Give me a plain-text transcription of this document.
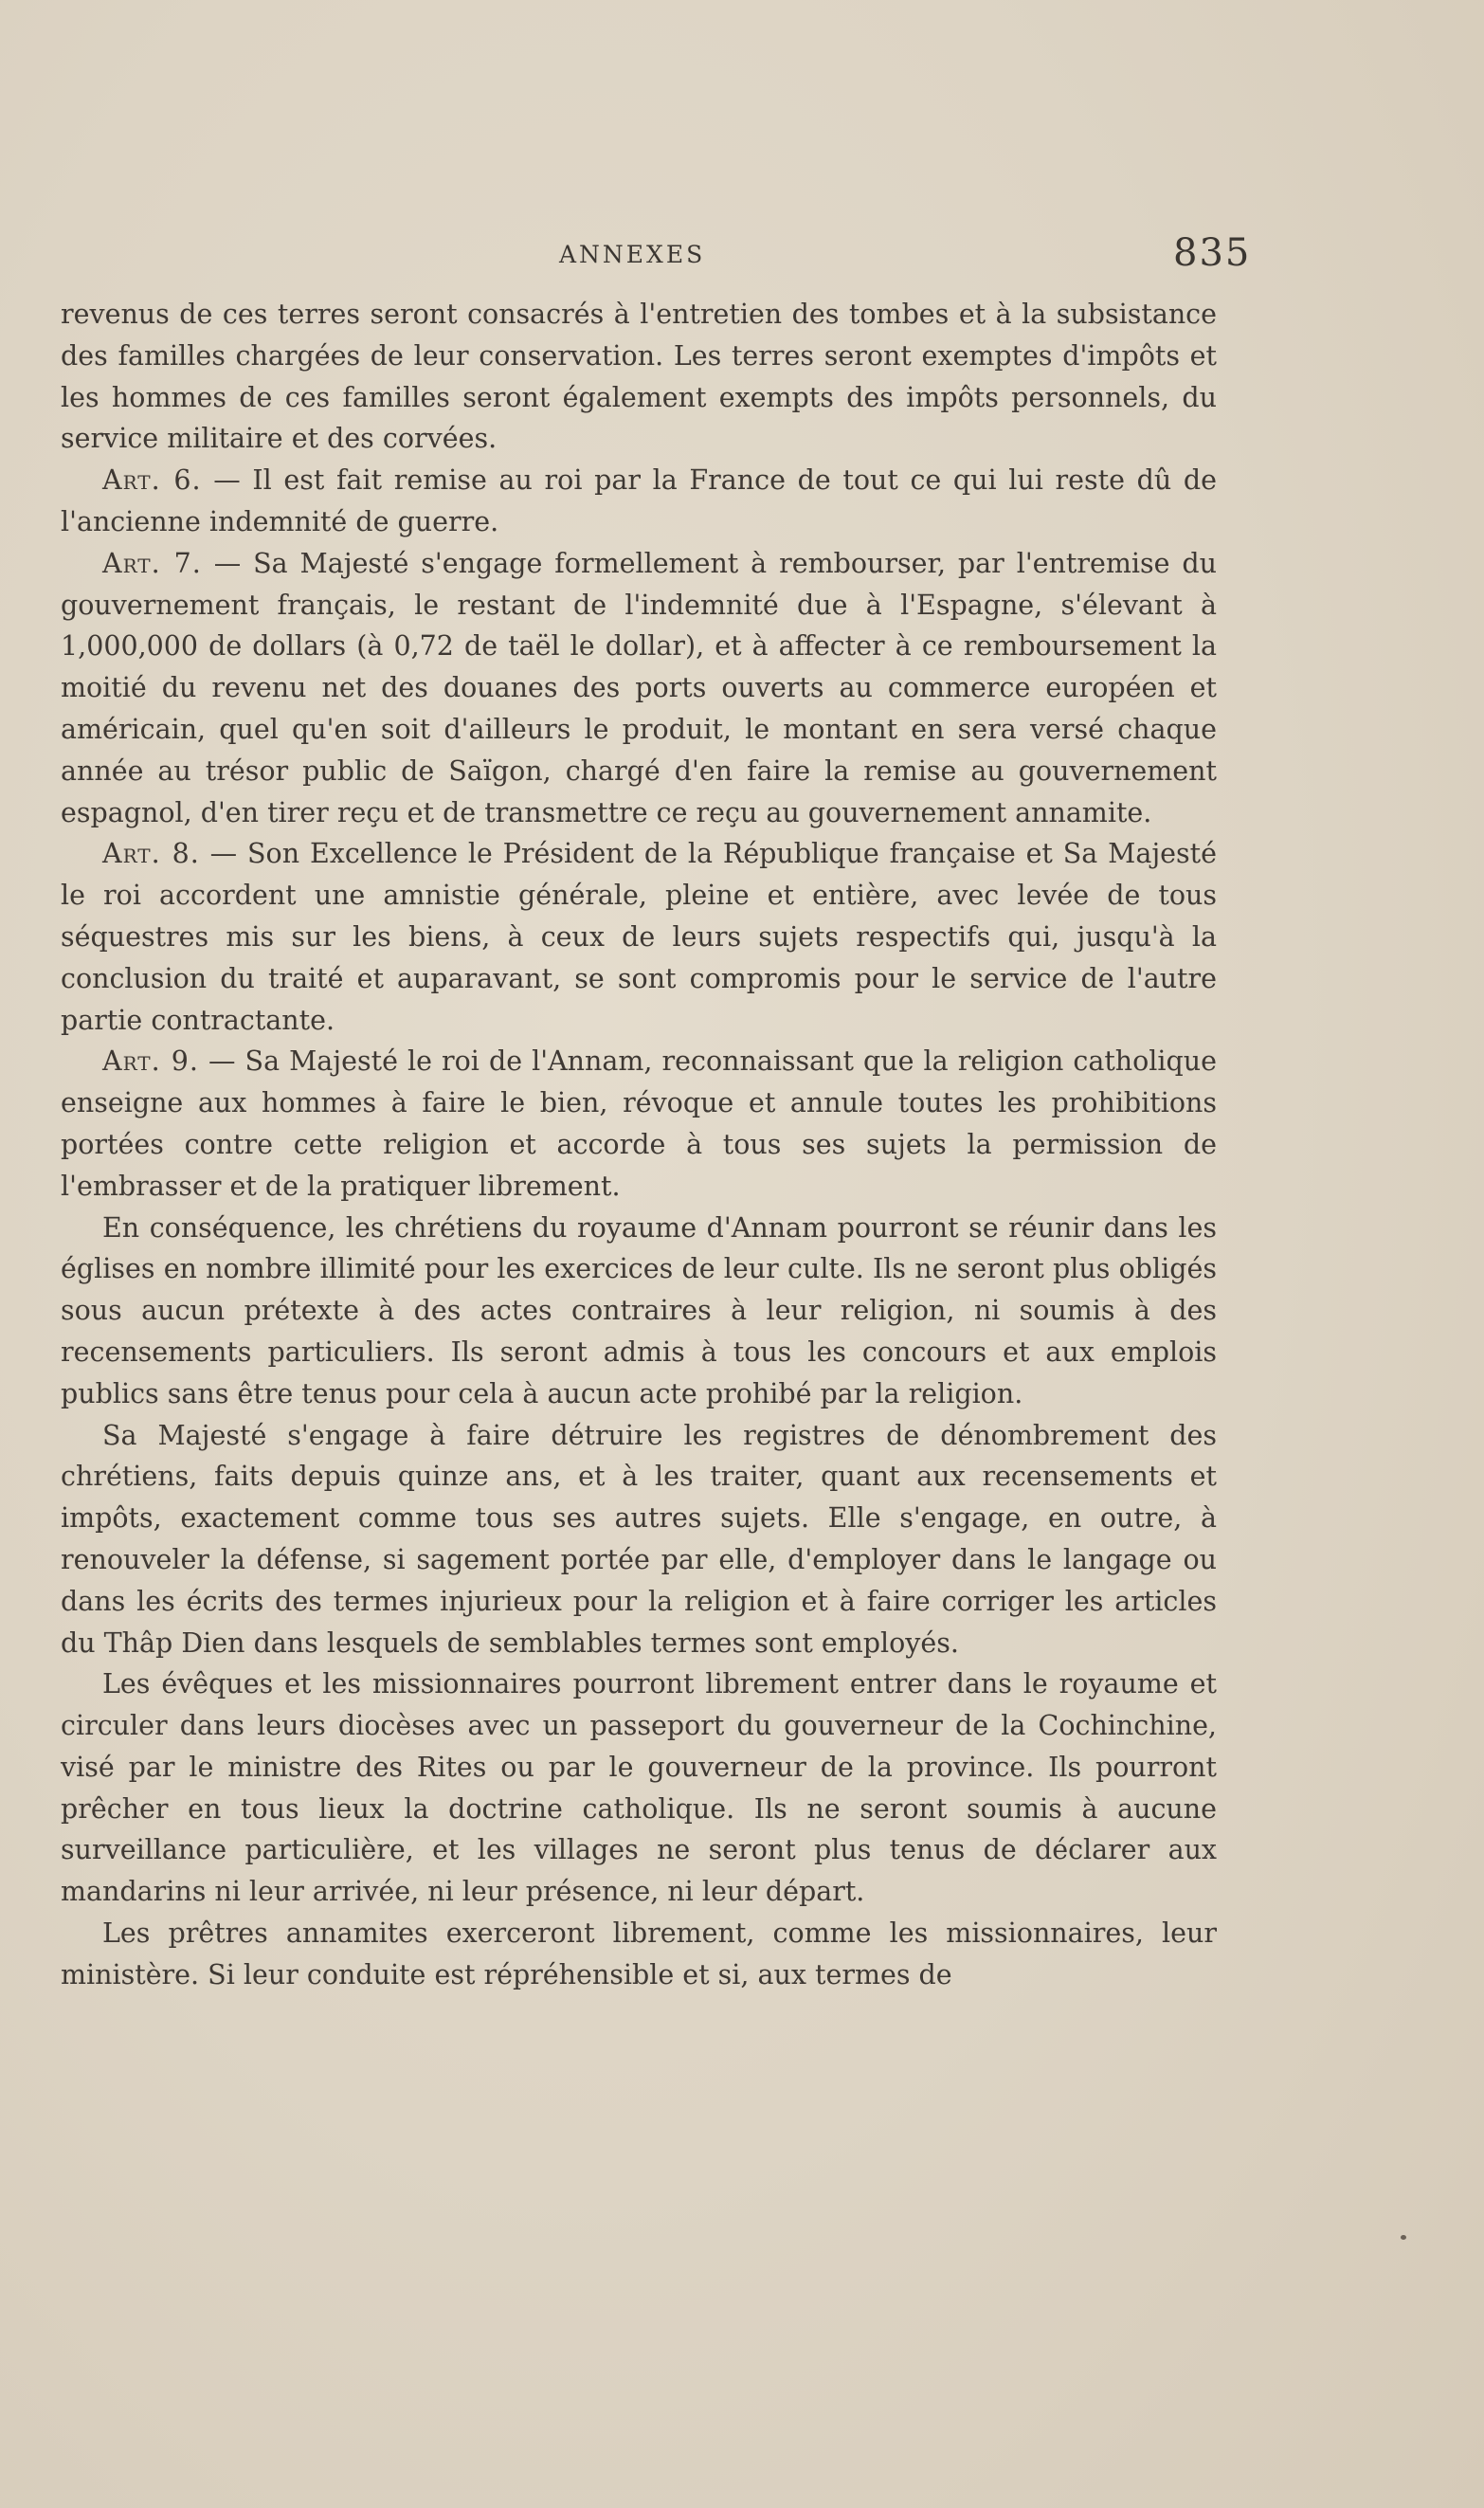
ANNEXES	835

revenus de ces terres seront consacrés à l'entretien des tombes et à la subsistance des familles chargées de leur conservation. Les terres seront exemptes d'impôts et les hommes de ces familles seront également exempts des impôts personnels, du service militaire et des corvées.

Art. 6. — Il est fait remise au roi par la France de tout ce qui lui reste dû de l'ancienne indemnité de guerre.

Art. 7. — Sa Majesté s'engage formellement à rembourser, par l'entremise du gouvernement français, le restant de l'indemnité due à l'Espagne, s'élevant à 1,000,000 de dollars (à 0,72 de taël le dollar), et à affecter à ce remboursement la moitié du revenu net des douanes des ports ouverts au commerce européen et américain, quel qu'en soit d'ailleurs le produit, le montant en sera versé chaque année au trésor public de Saïgon, chargé d'en faire la remise au gouvernement espagnol, d'en tirer reçu et de transmettre ce reçu au gouvernement annamite.

Art. 8. — Son Excellence le Président de la République française et Sa Majesté le roi accordent une amnistie générale, pleine et entière, avec levée de tous séquestres mis sur les biens, à ceux de leurs sujets respectifs qui, jusqu'à la conclusion du traité et auparavant, se sont compromis pour le service de l'autre partie contractante.

Art. 9. — Sa Majesté le roi de l'Annam, reconnaissant que la religion catholique enseigne aux hommes à faire le bien, révoque et annule toutes les prohibitions portées contre cette religion et accorde à tous ses sujets la permission de l'embrasser et de la pratiquer librement.

En conséquence, les chrétiens du royaume d'Annam pourront se réunir dans les églises en nombre illimité pour les exercices de leur culte. Ils ne seront plus obligés sous aucun prétexte à des actes contraires à leur religion, ni soumis à des recensements particuliers. Ils seront admis à tous les concours et aux emplois publics sans être tenus pour cela à aucun acte prohibé par la religion.

Sa Majesté s'engage à faire détruire les registres de dénombrement des chrétiens, faits depuis quinze ans, et à les traiter, quant aux recensements et impôts, exactement comme tous ses autres sujets. Elle s'engage, en outre, à renouveler la défense, si sagement portée par elle, d'employer dans le langage ou dans les écrits des termes injurieux pour la religion et à faire corriger les articles du Thâp Dien dans lesquels de semblables termes sont employés.

Les évêques et les missionnaires pourront librement entrer dans le royaume et circuler dans leurs diocèses avec un passeport du gouverneur de la Cochinchine, visé par le ministre des Rites ou par le gouverneur de la province. Ils pourront prêcher en tous lieux la doctrine catholique. Ils ne seront soumis à aucune surveillance particulière, et les villages ne seront plus tenus de déclarer aux mandarins ni leur arrivée, ni leur présence, ni leur départ.

Les prêtres annamites exerceront librement, comme les missionnaires, leur ministère. Si leur conduite est répréhensible et si, aux termes de
